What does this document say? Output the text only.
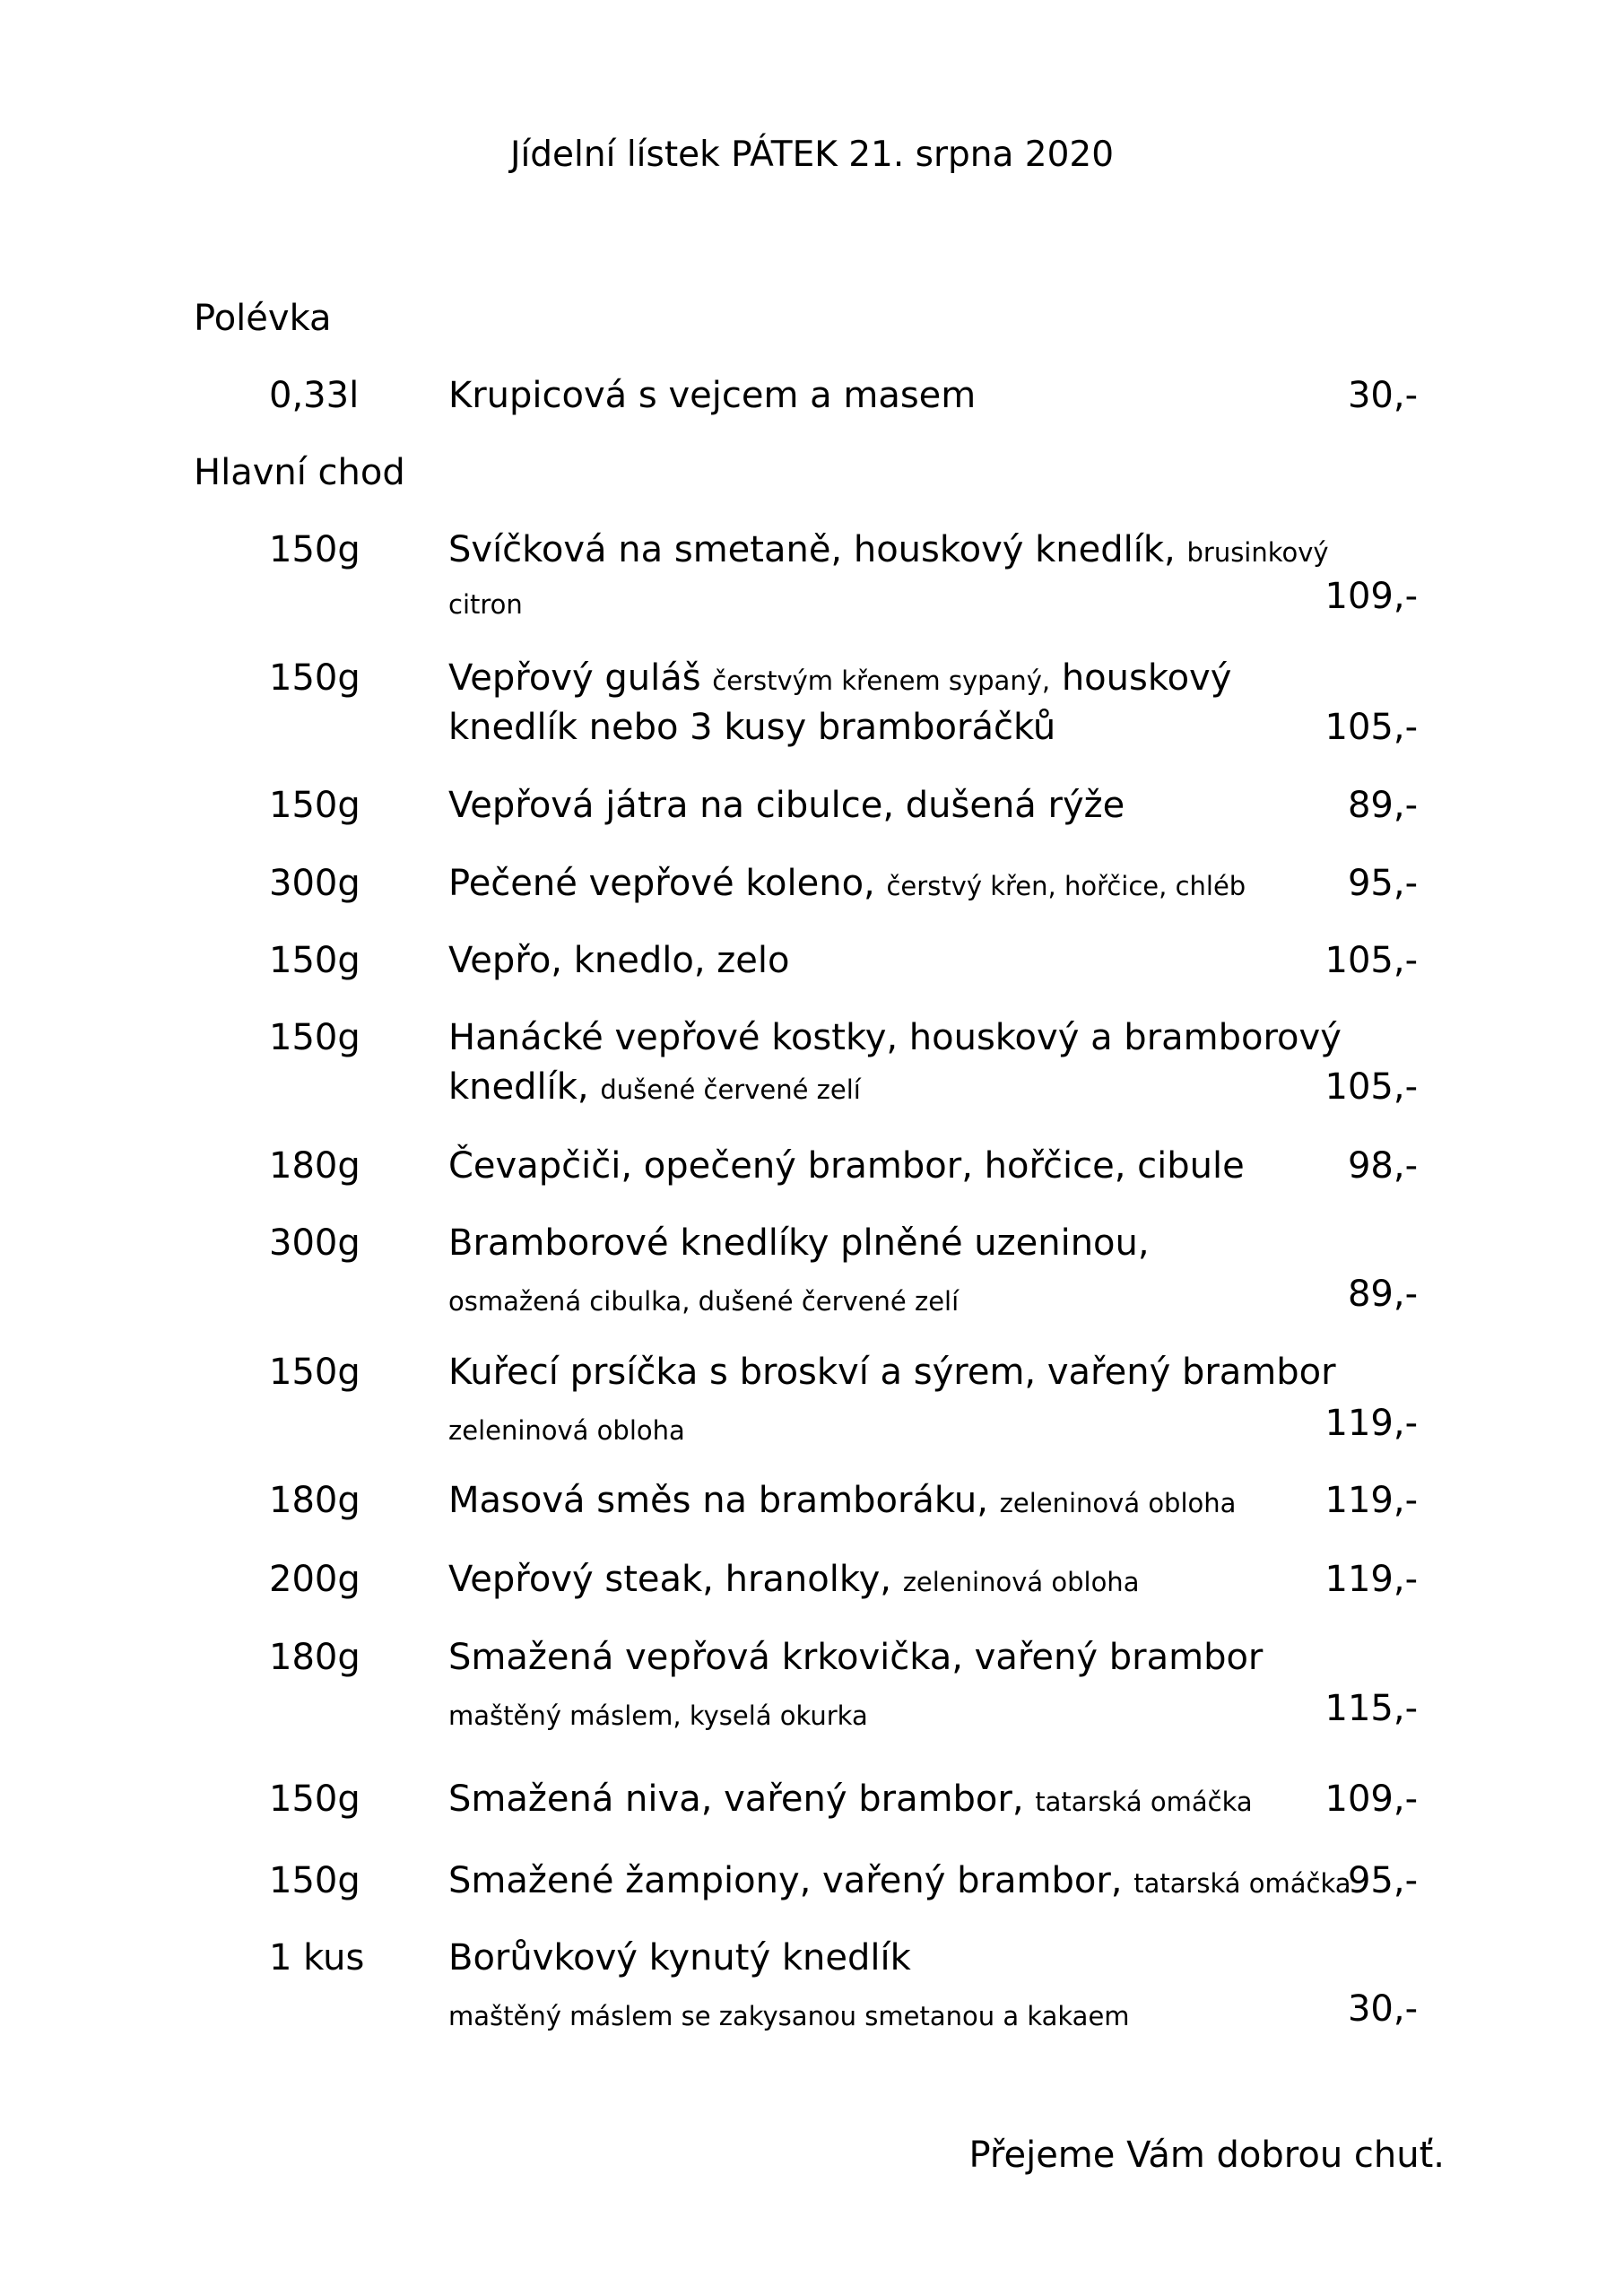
Jídelní lístek PÁTEK 21. srpna 2020
Polévka
0,33l Krupicová s vejcem a masem	30,-
Hlavní chod
150g Svíčková na smetaně, houskový knedlík, brusinkový
citron	109,-
150g Vepřový guláš čerstvým křenem sypaný, houskový
knedlík nebo 3 kusy bramboráčků	105,-
150g Vepřová játra na cibulce, dušená rýže	89,-
300g Pečené vepřové koleno, čerstvý křen, hořčice, chléb	95,-
150g Vepřo, knedlo, zelo	105,-
150g Hanácké vepřové kostky, houskový a bramborový
knedlík, dušené červené zelí	105,-
180g Čevapčiči, opečený brambor, hořčice, cibule	98,-
300g Bramborové knedlíky plněné uzeninou,
osmažená cibulka, dušené červené zelí	89,-
150g Kuřecí prsíčka s broskví a sýrem, vařený brambor
zeleninová obloha	119,-
180g Masová směs na bramboráku, zeleninová obloha 119,-
200g Vepřový steak, hranolky, zeleninová obloha	119,-
180g Smažená vepřová krkovička, vařený brambor
maštěný máslem, kyselá okurka	115,-
150g Smažená niva, vařený brambor, tatarská omáčka 109,-
150g Smažené žampiony, vařený brambor, tatarská omáčka
95,-
1 kus Borůvkový kynutý knedlík
maštěný máslem se zakysanou smetanou a kakaem	30,-
Přejeme Vám dobrou chuť.
